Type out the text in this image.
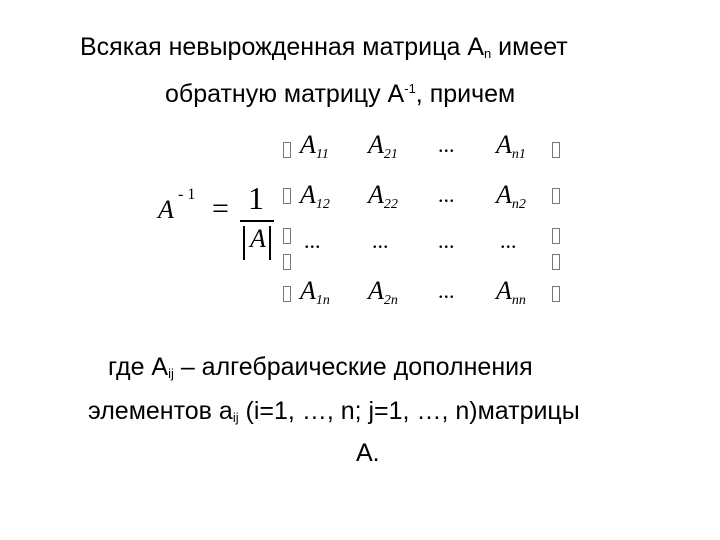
Всякая невырожденная матрица $A_n$ имеет
обратную матрицу $A^{-1}$, причем
A
- 1 = 1
A
$A_{11}$ $A_{21}$ ... $A_{n1}$
$A_{12}$ $A_{22}$ ... $A_{n2}$
... ... ... ...
$A_{1n}$ $A_{2n}$ ... $A_{nn}$
где $A_{ij}$ – алгебраические дополнения
элементов $a_{ij}$ (i=1, …, n; j=1, …, n)матрицы
A.
